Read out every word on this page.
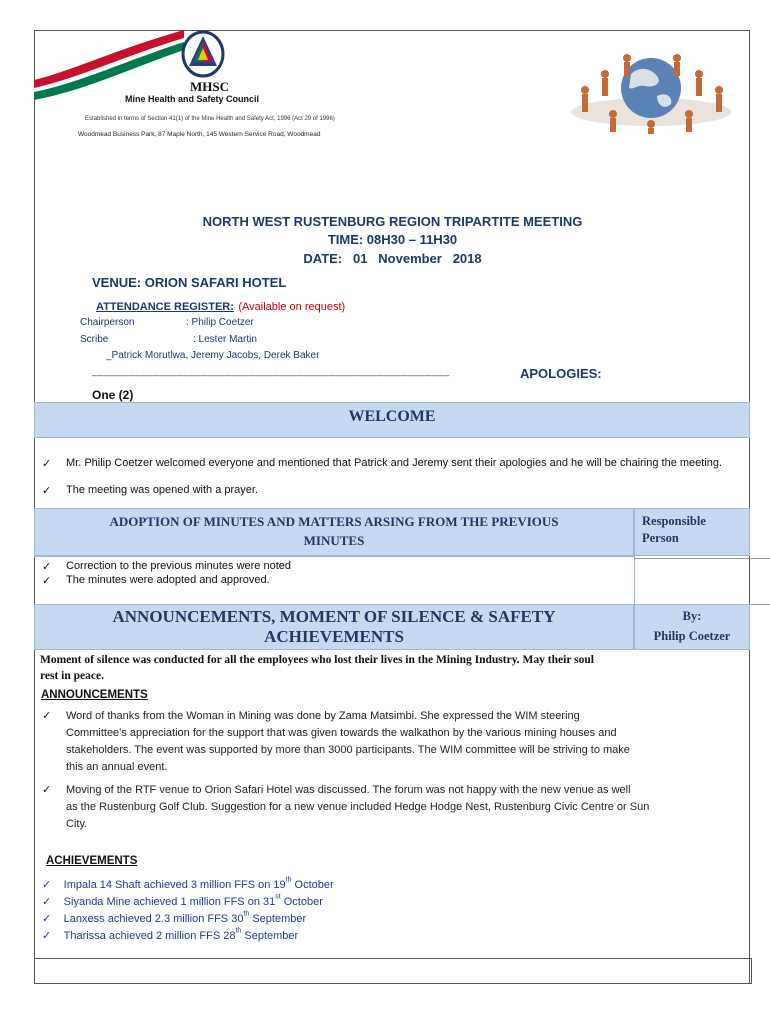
MHSC
Mine Health and Safety Council
Established in terms of Section 41(1) of the Mine Health and Safety Act, 1996 (Act 29 of 1996)
Woodmead Business Park, 87 Maple North, 145 Western Service Road, Woodmead
NORTH WEST RUSTENBURG REGION TRIPARTITE MEETING
TIME: 08H30 – 11H30
DATE:   01   November   2018
VENUE: ORION SAFARI HOTEL
ATTENDANCE REGISTER: (Available on request)
Chairperson	: Philip Coetzer
Scribe	: Lester Martin
_Patrick Morutlwa, Jeremy Jacobs, Derek Baker
___________________________________________________________	APOLOGIES:
One (2)
WELCOME
✓ Mr. Philip Coetzer welcomed everyone and mentioned that Patrick and Jeremy sent their apologies and he will be chairing the meeting.
✓ The meeting was opened with a prayer.
ADOPTION OF MINUTES AND MATTERS ARSING FROM THE PREVIOUS
MINUTES
Responsible
Person
✓ Correction to the previous minutes were noted
✓ The minutes were adopted and approved.
ANNOUNCEMENTS, MOMENT OF SILENCE & SAFETY
ACHIEVEMENTS
By:
Philip Coetzer
Moment of silence was conducted for all the employees who lost their lives in the Mining Industry. May their soul
rest in peace.
ANNOUNCEMENTS
✓ Word of thanks from the Woman in Mining was done by Zama Matsimbi. She expressed the WIM steering
Committee's appreciation for the support that was given towards the walkathon by the various mining houses and
stakeholders. The event was supported by more than 3000 participants. The WIM committee will be striving to make
this an annual event.
✓ Moving of the RTF venue to Orion Safari Hotel was discussed. The forum was not happy with the new venue as well
as the Rustenburg Golf Club. Suggestion for a new venue included Hedge Hodge Nest, Rustenburg Civic Centre or Sun
City.
ACHIEVEMENTS
✓ Impala 14 Shaft achieved 3 million FFS on 19th October
✓ Siyanda Mine achieved 1 million FFS on 31st October
✓ Lanxess achieved 2.3 million FFS 30th September
✓ Tharissa achieved 2 million FFS 28th September
